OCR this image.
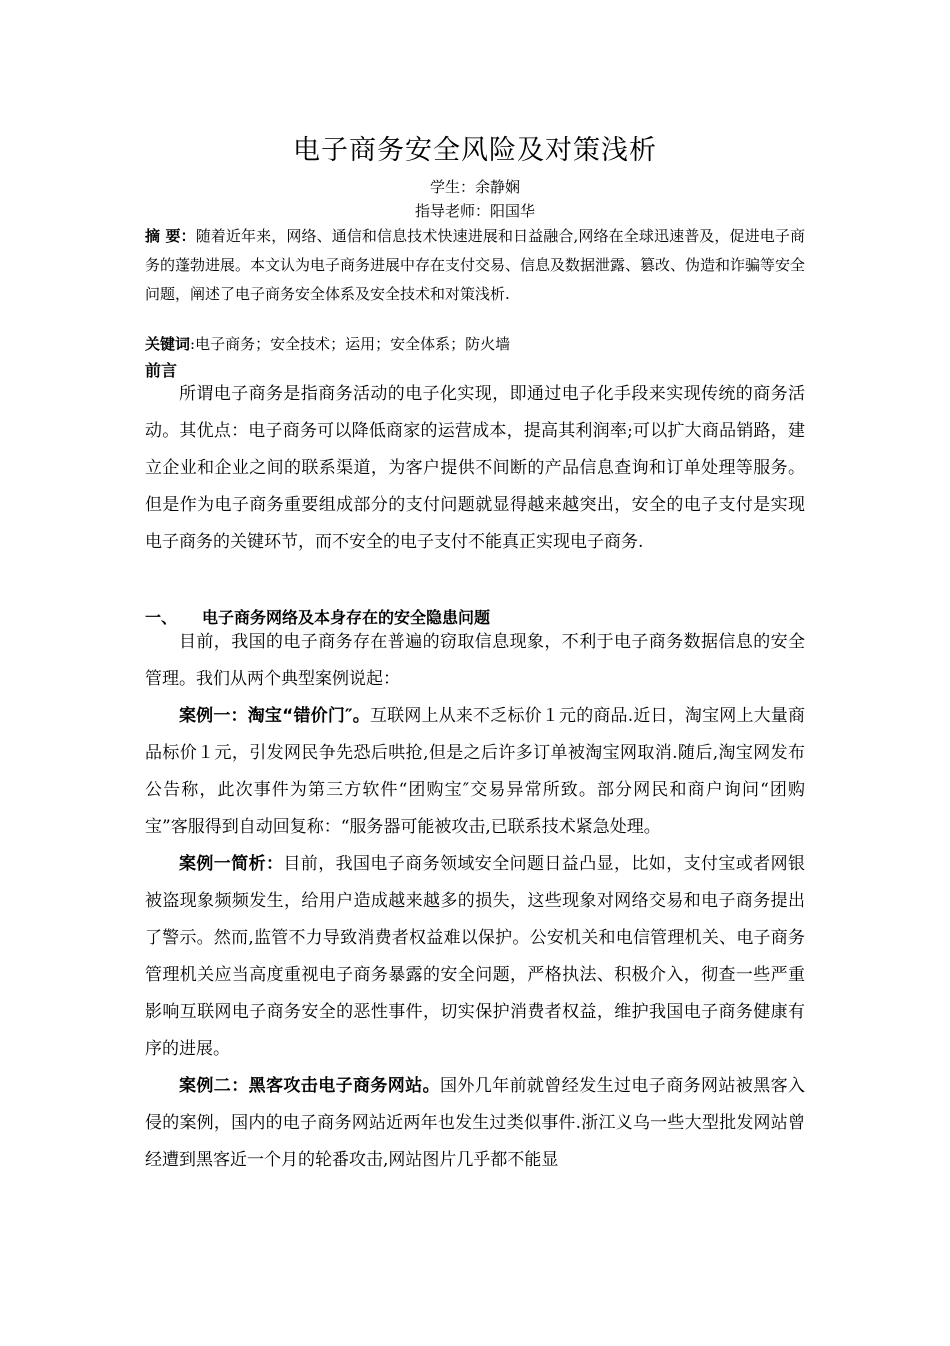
电子商务安全风险及对策浅析
学生：余静娴
指导老师：阳国华
摘 要：随着近年来，网络、通信和信息技术快速进展和日益融合,网络在全球迅速普及，促进电子商务的蓬勃进展。本文认为电子商务进展中存在支付交易、信息及数据泄露、篡改、伪造和诈骗等安全问题，阐述了电子商务安全体系及安全技术和对策浅析.
关键词:电子商务；安全技术；运用；安全体系；防火墙
前言

所谓电子商务是指商务活动的电子化实现，即通过电子化手段来实现传统的商务活动。其优点：电子商务可以降低商家的运营成本，提高其利润率;可以扩大商品销路，建立企业和企业之间的联系渠道，为客户提供不间断的产品信息查询和订单处理等服务。但是作为电子商务重要组成部分的支付问题就显得越来越突出，安全的电子支付是实现电子商务的关键环节，而不安全的电子支付不能真正实现电子商务.

一、 电子商务网络及本身存在的安全隐患问题

目前，我国的电子商务存在普遍的窃取信息现象，不利于电子商务数据信息的安全管理。我们从两个典型案例说起：

案例一：淘宝“错价门″。互联网上从来不乏标价１元的商品.近日，淘宝网上大量商品标价１元，引发网民争先恐后哄抢,但是之后许多订单被淘宝网取消.随后,淘宝网发布公告称，此次事件为第三方软件“团购宝″交易异常所致。部分网民和商户询问“团购宝”客服得到自动回复称：“服务器可能被攻击,已联系技术紧急处理。

案例一简析：目前，我国电子商务领域安全问题日益凸显，比如，支付宝或者网银被盗现象频频发生，给用户造成越来越多的损失，这些现象对网络交易和电子商务提出了警示。然而,监管不力导致消费者权益难以保护。公安机关和电信管理机关、电子商务管理机关应当高度重视电子商务暴露的安全问题，严格执法、积极介入，彻查一些严重影响互联网电子商务安全的恶性事件，切实保护消费者权益，维护我国电子商务健康有序的进展。

案例二：黑客攻击电子商务网站。国外几年前就曾经发生过电子商务网站被黑客入侵的案例，国内的电子商务网站近两年也发生过类似事件.浙江义乌一些大型批发网站曾经遭到黑客近一个月的轮番攻击,网站图片几乎都不能显
